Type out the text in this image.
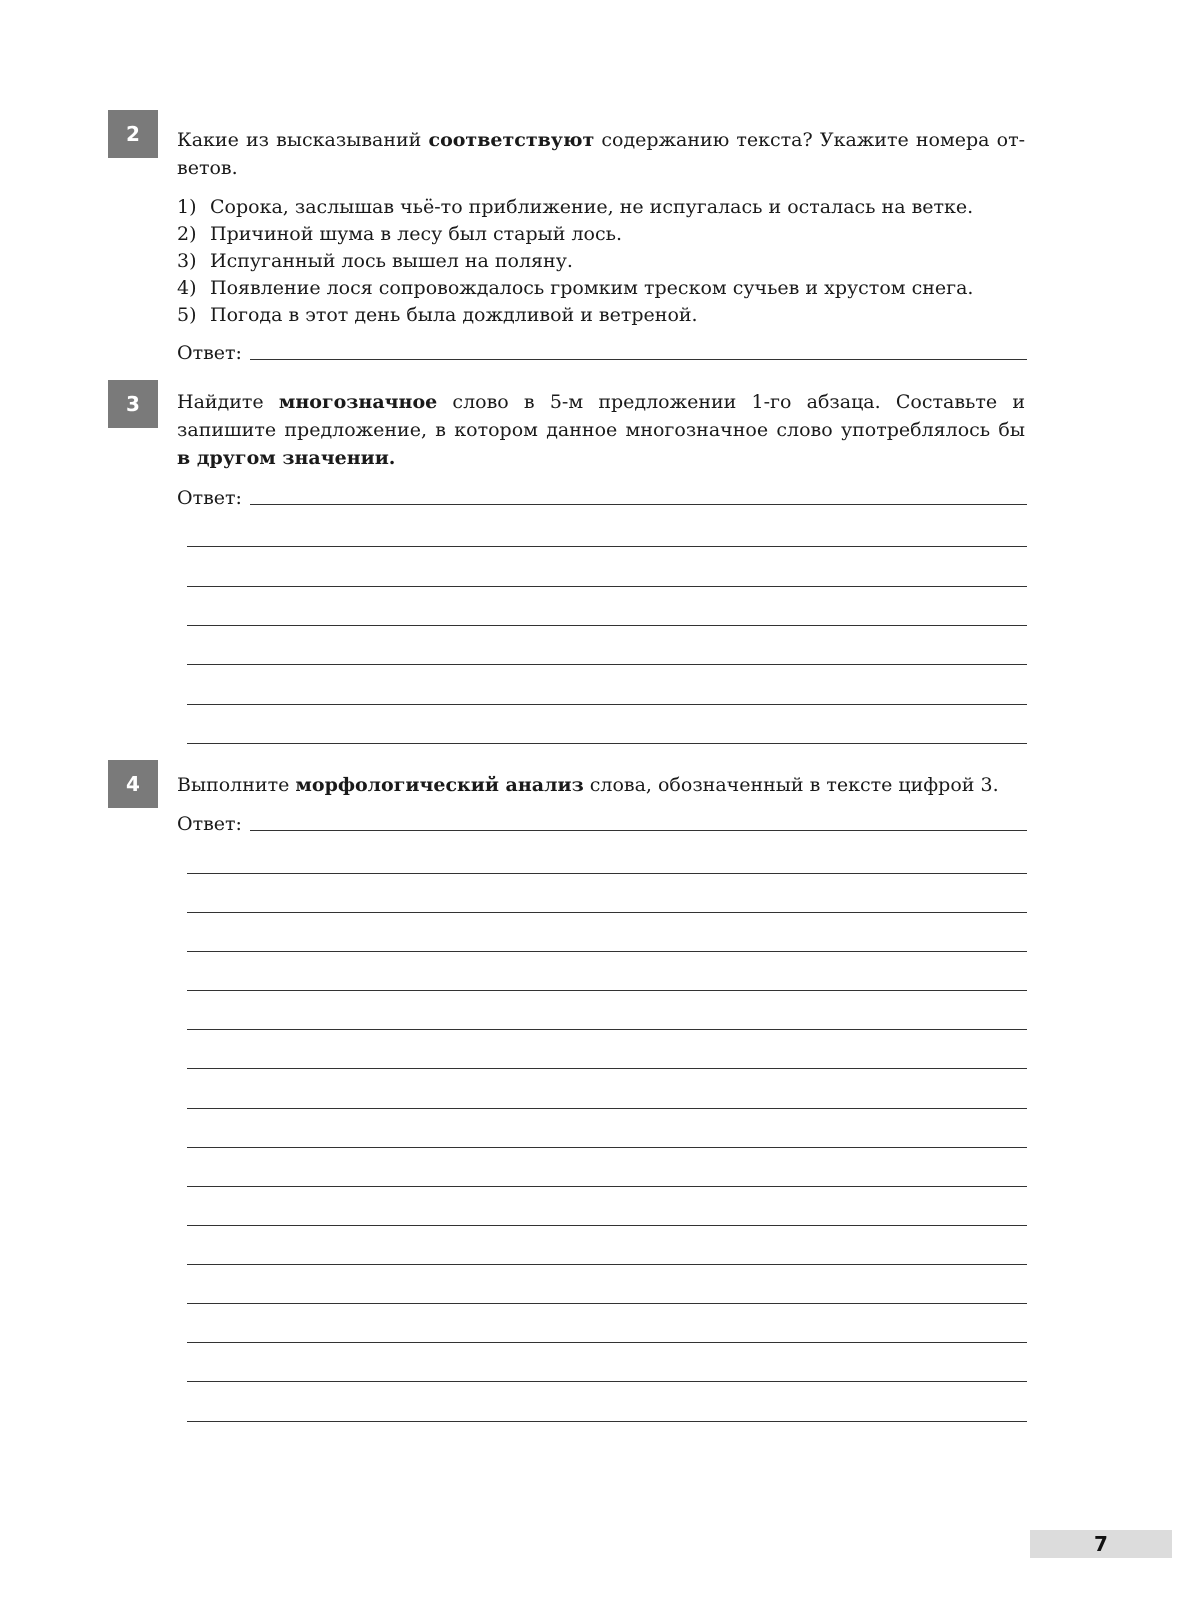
2	Какие из высказываний соответствуют содержанию текста? Укажите номера от-ветов.
1) Сорока, заслышав чьё-то приближение, не испугалась и осталась на ветке.
2) Причиной шума в лесу был старый лось.
3) Испуганный лось вышел на поляну.
4) Появление лося сопровождалось громким треском сучьев и хрустом снега.
5) Погода в этот день была дождливой и ветреной.
Ответ:
3	Найдите многозначное слово в 5-м предложении 1-го абзаца. Составьте и запишите предложение, в котором данное многозначное слово употреблялось бы в другом значении.
Ответ:
4	Выполните морфологический анализ слова, обозначенный в тексте цифрой 3.
Ответ:
7
